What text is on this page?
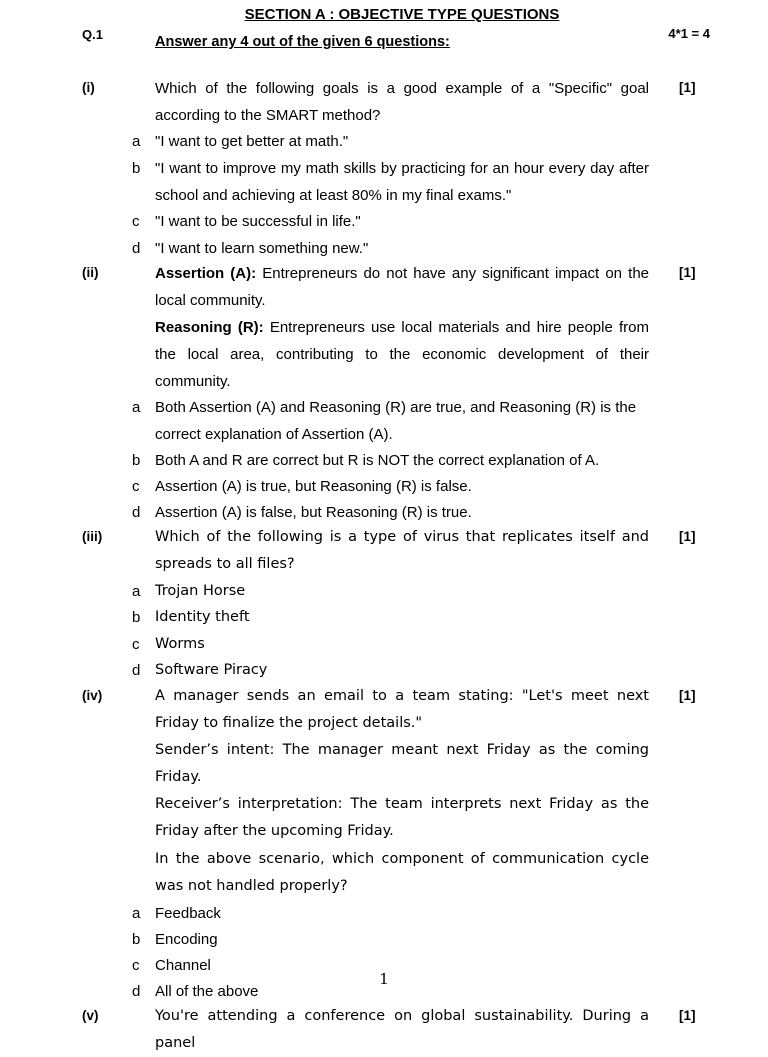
SECTION A : OBJECTIVE TYPE QUESTIONS
Q.1	Answer any 4 out of the given 6 questions:
4*1 = 4
(i)	[1]
Which of the following goals is a good example of a "Specific" goal according to the SMART method?
a "I want to get better at math."
b "I want to improve my math skills by practicing for an hour every day after school and achieving at least 80% in my final exams."
c "I want to be successful in life."
d "I want to learn something new."
(ii)	[1]
Assertion (A): Entrepreneurs do not have any significant impact on the local community.
Reasoning (R): Entrepreneurs use local materials and hire people from the local area, contributing to the economic development of their community.
a Both Assertion (A) and Reasoning (R) are true, and Reasoning (R) is the correct explanation of Assertion (A).
b Both A and R are correct but R is NOT the correct explanation of A.
c Assertion (A) is true, but Reasoning (R) is false.
d Assertion (A) is false, but Reasoning (R) is true.
(iii)	[1]
Which of the following is a type of virus that replicates itself and spreads to all files?
a Trojan Horse
b Identity theft
c Worms
d Software Piracy
(iv)	[1]
A manager sends an email to a team stating: "Let's meet next Friday to finalize the project details."
Sender’s intent: The manager meant next Friday as the coming Friday.
Receiver’s interpretation: The team interprets next Friday as the Friday after the upcoming Friday.
In the above scenario, which component of communication cycle was not handled properly?
a Feedback
b Encoding
c Channel
d All of the above
1
(v)	[1]
You're attending a conference on global sustainability. During a panel
